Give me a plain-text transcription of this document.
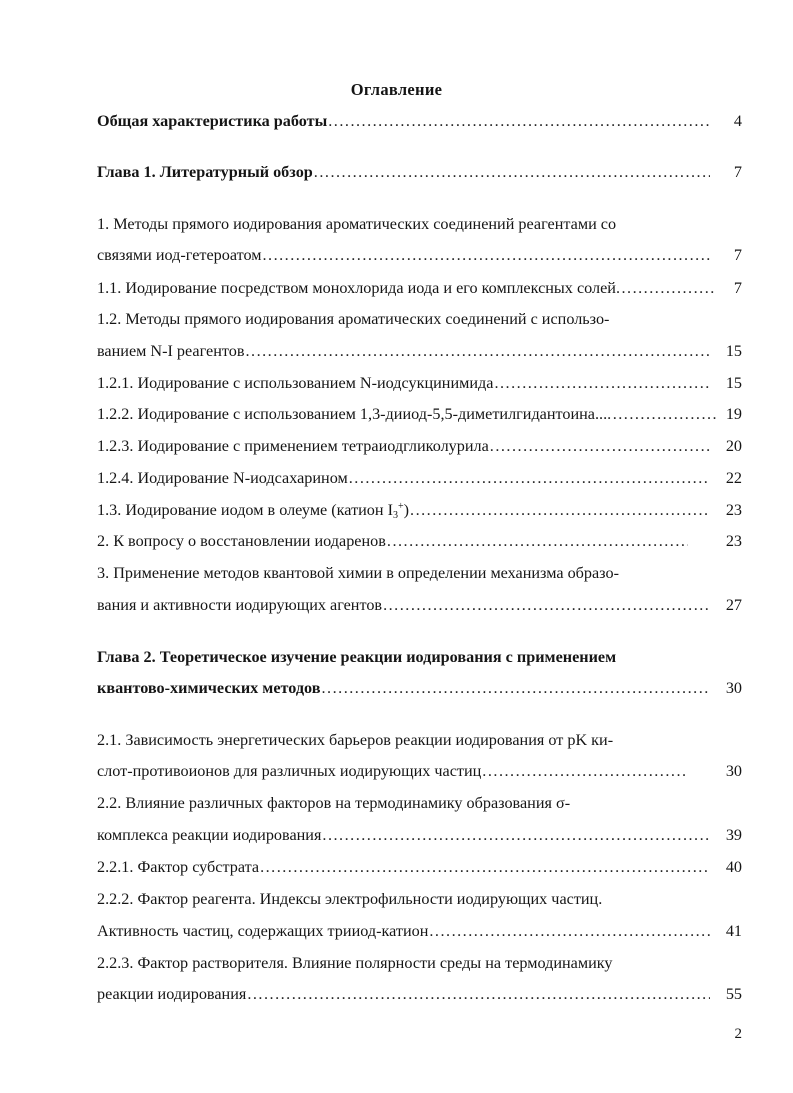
Оглавление
Общая характеристика работы .....	4
Глава 1. Литературный обзор .....	7
1. Методы прямого иодирования ароматических соединений реагентами со
связями иод-гетероатом .....	7
1.1. Иодирование посредством монохлорида иода и его комплексных солей .....	7
1.2. Методы прямого иодирования ароматических соединений с использо-
ванием N-I реагентов .....	15
1.2.1. Иодирование с использованием N-иодсукцинимида .....	15
1.2.2. Иодирование с использованием 1,3-дииод-5,5-диметилгидантоина... .....	19
1.2.3. Иодирование с применением тетраиодгликолурила .....	20
1.2.4. Иодирование N-иодсахарином .....	22
1.3. Иодирование иодом в олеуме (катион I3+) .....	23
2. К вопросу о восстановлении иодаренов .....	23
3. Применение методов квантовой химии в определении механизма образо-
вания и активности иодирующих агентов .....	27
Глава 2. Теоретическое изучение реакции иодирования с применением
квантово-химических методов .....	30
2.1. Зависимость энергетических барьеров реакции иодирования от pK ки-
слот-противоионов для различных иодирующих частиц .....	30
2.2. Влияние различных факторов на термодинамику образования σ-
комплекса реакции иодирования .....	39
2.2.1. Фактор субстрата .....	40
2.2.2. Фактор реагента. Индексы электрофильности иодирующих частиц.
Активность частиц, содержащих трииод-катион .....	41
2.2.3. Фактор растворителя. Влияние полярности среды на термодинамику
реакции иодирования .....	55
2
